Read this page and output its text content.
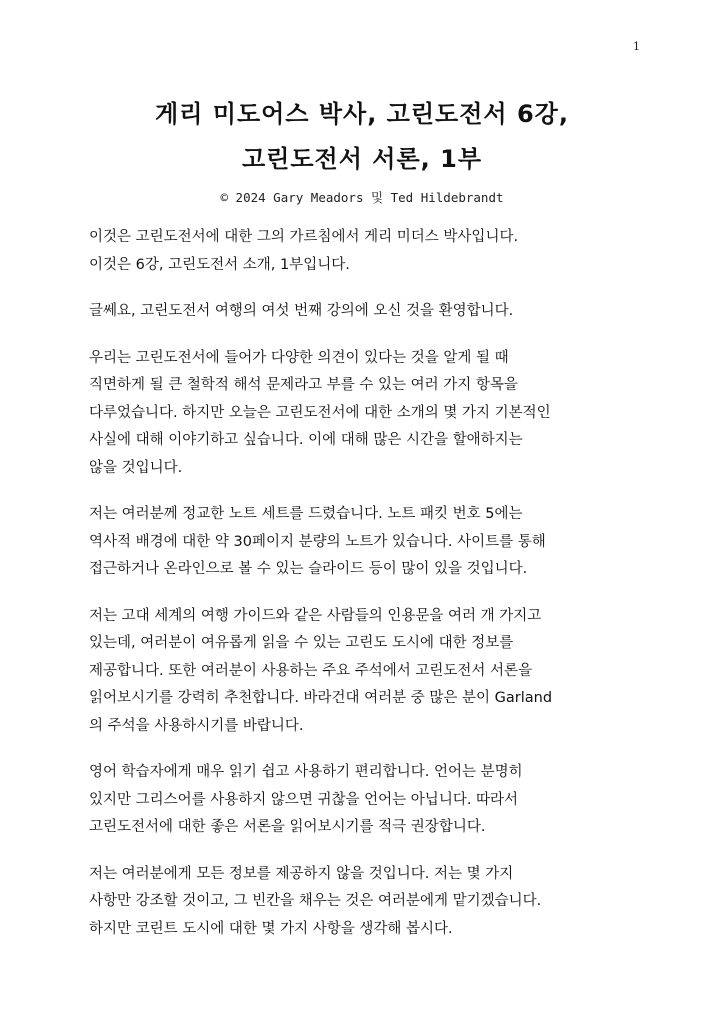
1
게리 미도어스 박사, 고린도전서 6강,
고린도전서 서론, 1부
© 2024 Gary Meadors 및 Ted Hildebrandt
이것은 고린도전서에 대한 그의 가르침에서 게리 미더스 박사입니다.
이것은 6강, 고린도전서 소개, 1부입니다.
글쎄요, 고린도전서 여행의 여섯 번째 강의에 오신 것을 환영합니다.
우리는 고린도전서에 들어가 다양한 의견이 있다는 것을 알게 될 때
직면하게 될 큰 철학적 해석 문제라고 부를 수 있는 여러 가지 항목을
다루었습니다. 하지만 오늘은 고린도전서에 대한 소개의 몇 가지 기본적인
사실에 대해 이야기하고 싶습니다. 이에 대해 많은 시간을 할애하지는
않을 것입니다.
저는 여러분께 정교한 노트 세트를 드렸습니다. 노트 패킷 번호 5에는
역사적 배경에 대한 약 30페이지 분량의 노트가 있습니다. 사이트를 통해
접근하거나 온라인으로 볼 수 있는 슬라이드 등이 많이 있을 것입니다.
저는 고대 세계의 여행 가이드와 같은 사람들의 인용문을 여러 개 가지고
있는데, 여러분이 여유롭게 읽을 수 있는 고린도 도시에 대한 정보를
제공합니다. 또한 여러분이 사용하는 주요 주석에서 고린도전서 서론을
읽어보시기를 강력히 추천합니다. 바라건대 여러분 중 많은 분이 Garland
의 주석을 사용하시기를 바랍니다.
영어 학습자에게 매우 읽기 쉽고 사용하기 편리합니다. 언어는 분명히
있지만 그리스어를 사용하지 않으면 귀찮을 언어는 아닙니다. 따라서
고린도전서에 대한 좋은 서론을 읽어보시기를 적극 권장합니다.
저는 여러분에게 모든 정보를 제공하지 않을 것입니다. 저는 몇 가지
사항만 강조할 것이고, 그 빈칸을 채우는 것은 여러분에게 맡기겠습니다.
하지만 코린트 도시에 대한 몇 가지 사항을 생각해 봅시다.
